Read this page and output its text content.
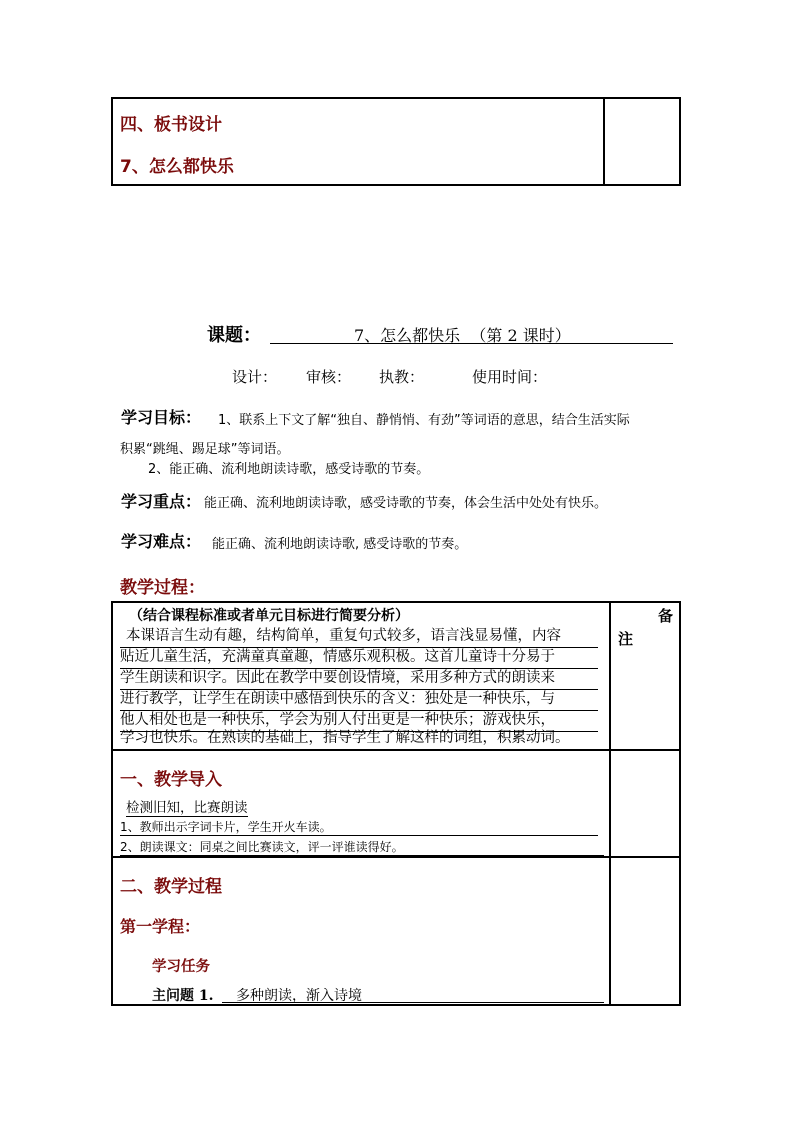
四、板书设计
7、怎么都快乐
课题：	7、怎么都快乐  （第 2 课时）
设计： 审核： 执教：	使用时间：
学习目标： 1、联系上下文了解“独自、静悄悄、有劲”等词语的意思，结合生活实际
积累“跳绳、踢足球”等词语。
2、能正确、流利地朗读诗歌，感受诗歌的节奏。
学习重点： 能正确、流利地朗读诗歌，感受诗歌的节奏，体会生活中处处有快乐。
学习难点： 能正确、流利地朗读诗歌, 感受诗歌的节奏。
教学过程：
备
注
（结合课程标准或者单元目标进行简要分析）
本课语言生动有趣，结构简单，重复句式较多，语言浅显易懂，内容
贴近儿童生活，充满童真童趣，情感乐观积极。这首儿童诗十分易于
学生朗读和识字。因此在教学中要创设情境，采用多种方式的朗读来
进行教学，让学生在朗读中感悟到快乐的含义：独处是一种快乐，与
他人相处也是一种快乐，学会为别人付出更是一种快乐；游戏快乐，
学习也快乐。在熟读的基础上，指导学生了解这样的词组，积累动词。
一、教学导入
检测旧知，比赛朗读
1、教师出示字词卡片，学生开火车读。
2、朗读课文：同桌之间比赛读文，评一评谁读得好。
二、教学过程
第一学程：
学习任务
主问题 1. 多种朗读，渐入诗境
